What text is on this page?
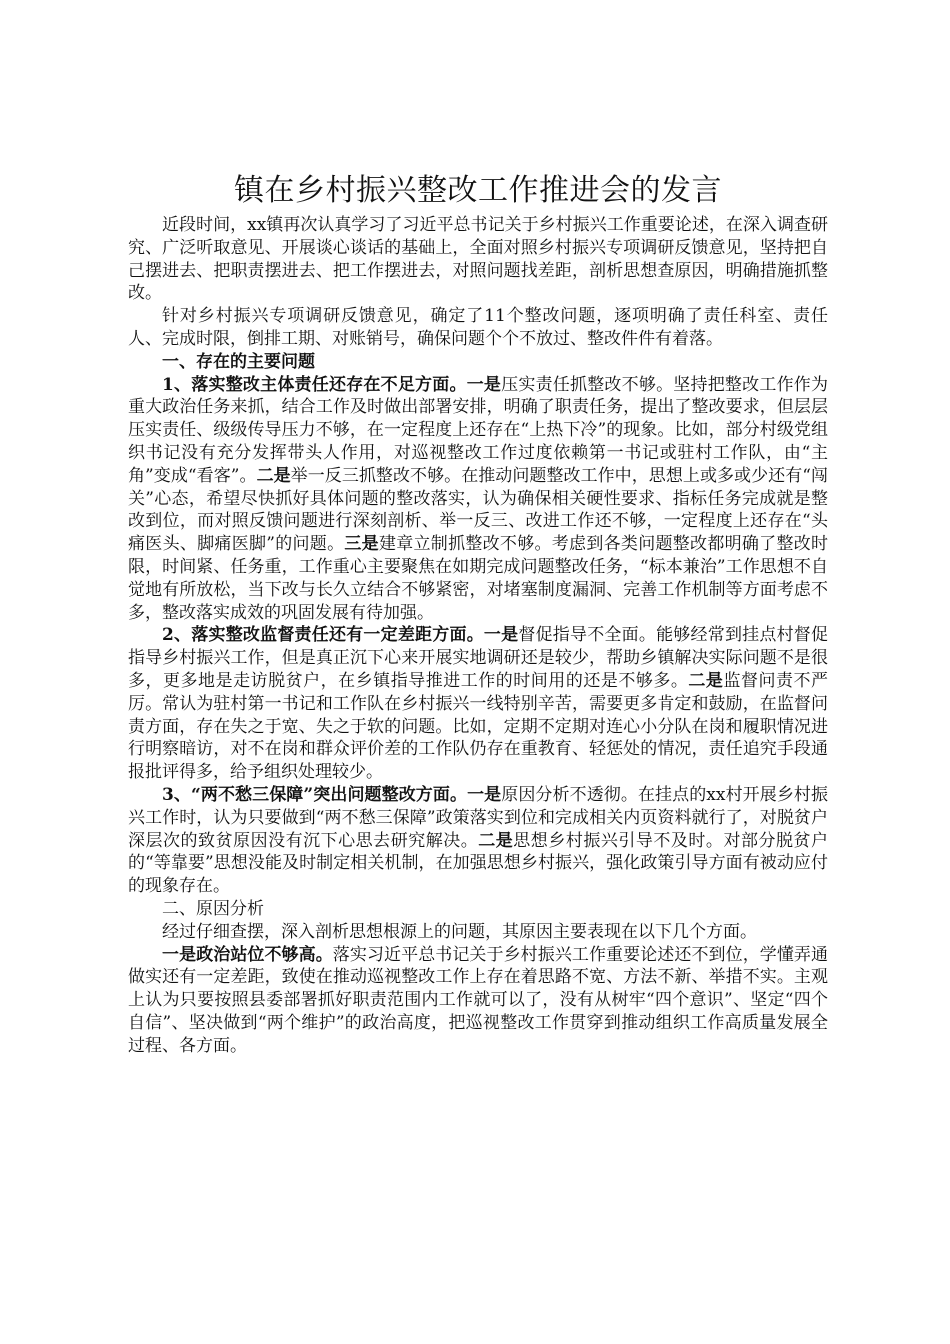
镇在乡村振兴整改工作推进会的发言

近段时间，xx镇再次认真学习了习近平总书记关于乡村振兴工作重要论述，在深入调查研究、广泛听取意见、开展谈心谈话的基础上，全面对照乡村振兴专项调研反馈意见，坚持把自己摆进去、把职责摆进去、把工作摆进去，对照问题找差距，剖析思想查原因，明确措施抓整改。

针对乡村振兴专项调研反馈意见，确定了11个整改问题，逐项明确了责任科室、责任人、完成时限，倒排工期、对账销号，确保问题个个不放过、整改件件有着落。

一、存在的主要问题

1、落实整改主体责任还存在不足方面。一是压实责任抓整改不够。坚持把整改工作作为重大政治任务来抓，结合工作及时做出部署安排，明确了职责任务，提出了整改要求，但层层压实责任、级级传导压力不够，在一定程度上还存在“上热下冷”的现象。比如，部分村级党组织书记没有充分发挥带头人作用，对巡视整改工作过度依赖第一书记或驻村工作队，由“主角”变成“看客”。二是举一反三抓整改不够。在推动问题整改工作中，思想上或多或少还有“闯关”心态，希望尽快抓好具体问题的整改落实，认为确保相关硬性要求、指标任务完成就是整改到位，而对照反馈问题进行深刻剖析、举一反三、改进工作还不够，一定程度上还存在“头痛医头、脚痛医脚”的问题。三是建章立制抓整改不够。考虑到各类问题整改都明确了整改时限，时间紧、任务重，工作重心主要聚焦在如期完成问题整改任务，“标本兼治”工作思想不自觉地有所放松，当下改与长久立结合不够紧密，对堵塞制度漏洞、完善工作机制等方面考虑不多，整改落实成效的巩固发展有待加强。

2、落实整改监督责任还有一定差距方面。一是督促指导不全面。能够经常到挂点村督促指导乡村振兴工作，但是真正沉下心来开展实地调研还是较少，帮助乡镇解决实际问题不是很多，更多地是走访脱贫户，在乡镇指导推进工作的时间用的还是不够多。二是监督问责不严厉。常认为驻村第一书记和工作队在乡村振兴一线特别辛苦，需要更多肯定和鼓励，在监督问责方面，存在失之于宽、失之于软的问题。比如，定期不定期对连心小分队在岗和履职情况进行明察暗访，对不在岗和群众评价差的工作队仍存在重教育、轻惩处的情况，责任追究手段通报批评得多，给予组织处理较少。

3、“两不愁三保障”突出问题整改方面。一是原因分析不透彻。在挂点的xx村开展乡村振兴工作时，认为只要做到“两不愁三保障”政策落实到位和完成相关内页资料就行了，对脱贫户深层次的致贫原因没有沉下心思去研究解决。二是思想乡村振兴引导不及时。对部分脱贫户的“等靠要”思想没能及时制定相关机制，在加强思想乡村振兴，强化政策引导方面有被动应付的现象存在。

二、原因分析

经过仔细查摆，深入剖析思想根源上的问题，其原因主要表现在以下几个方面。

一是政治站位不够高。落实习近平总书记关于乡村振兴工作重要论述还不到位，学懂弄通做实还有一定差距，致使在推动巡视整改工作上存在着思路不宽、方法不新、举措不实。主观上认为只要按照县委部署抓好职责范围内工作就可以了，没有从树牢“四个意识”、坚定“四个自信”、坚决做到“两个维护”的政治高度，把巡视整改工作贯穿到推动组织工作高质量发展全过程、各方面。
